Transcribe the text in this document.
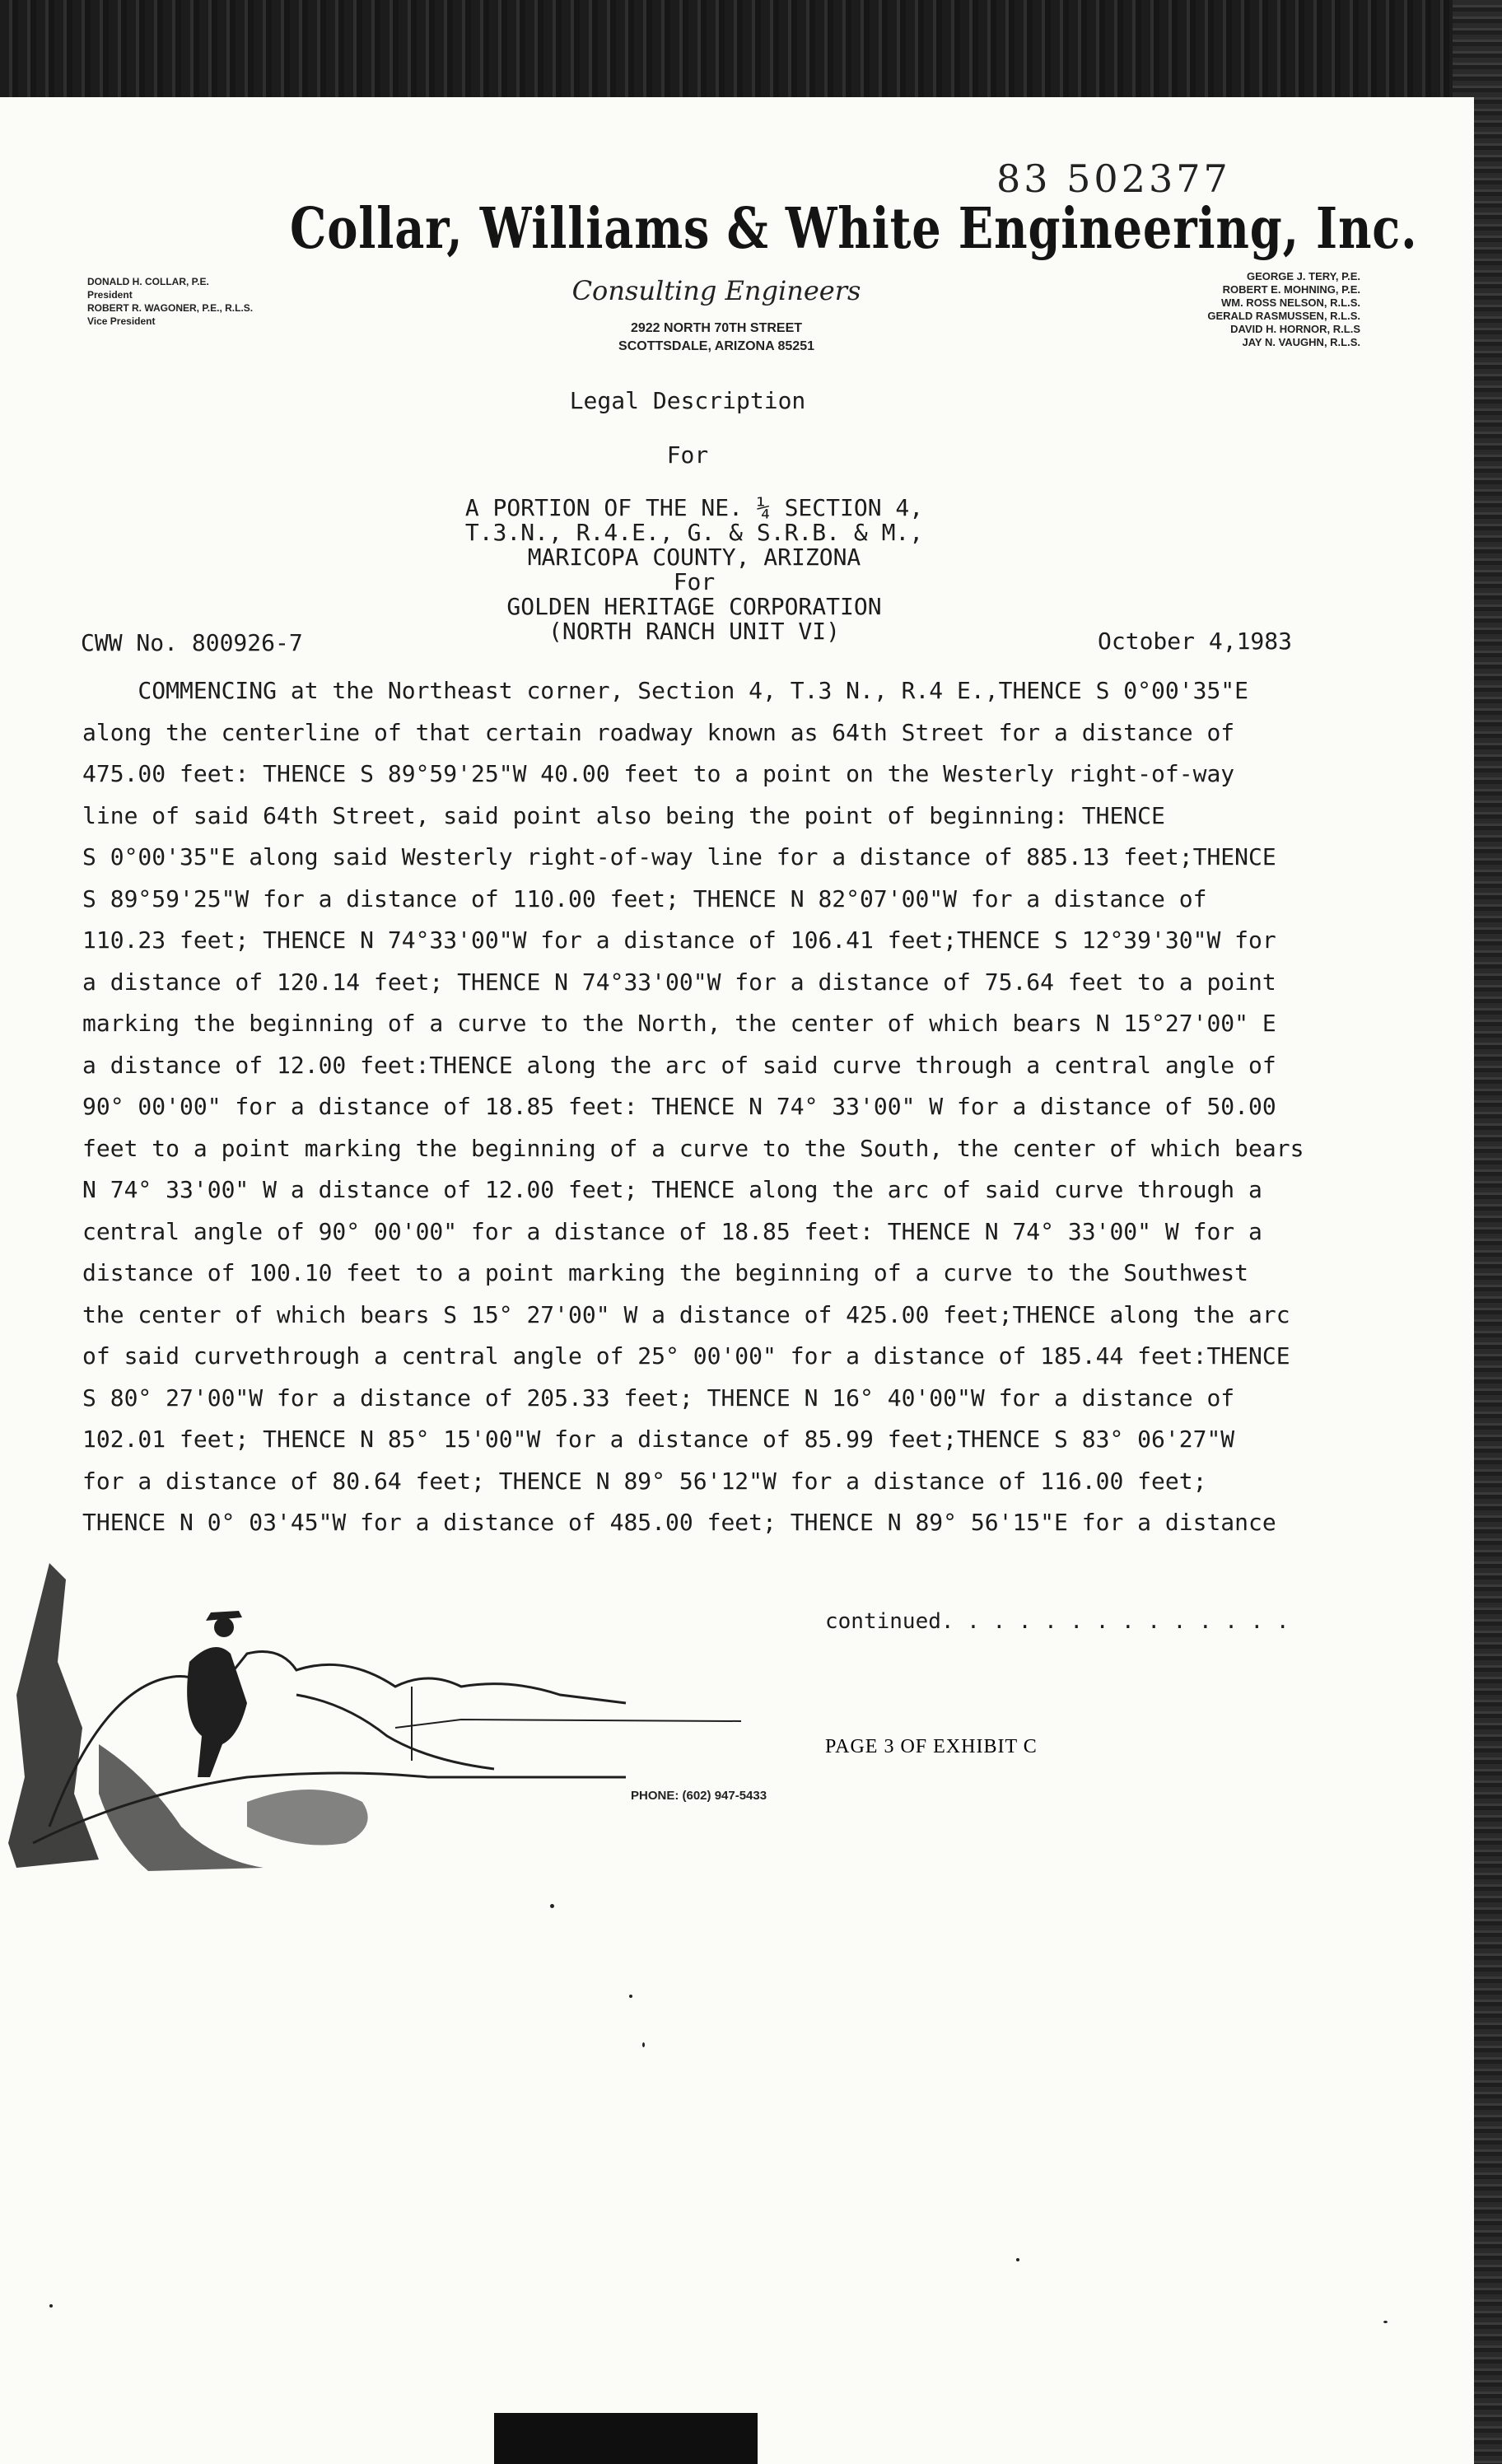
83 502377
Collar, Williams & White Engineering, Inc.
DONALD H. COLLAR, P.E.
President
ROBERT R. WAGONER, P.E., R.L.S.
Vice President
Consulting Engineers
2922 NORTH 70TH STREET
SCOTTSDALE, ARIZONA 85251
GEORGE J. TERY, P.E.
ROBERT E. MOHNING, P.E.
WM. ROSS NELSON, R.L.S.
GERALD RASMUSSEN, R.L.S.
DAVID H. HORNOR, R.L.S
JAY N. VAUGHN, R.L.S.
Legal Description
For
A PORTION OF THE NE. ¼ SECTION 4,
T.3.N., R.4.E., G. & S.R.B. & M.,
MARICOPA COUNTY, ARIZONA
For
GOLDEN HERITAGE CORPORATION
(NORTH RANCH UNIT VI)
CWW No. 800926-7	October 4,1983
COMMENCING at the Northeast corner, Section 4, T.3 N., R.4 E.,THENCE S 0°00'35"E
along the centerline of that certain roadway known as 64th Street for a distance of
475.00 feet: THENCE S 89°59'25"W 40.00 feet to a point on the Westerly right-of-way
line of said 64th Street, said point also being the point of beginning: THENCE
S 0°00'35"E along said Westerly right-of-way line for a distance of 885.13 feet;THENCE
S 89°59'25"W for a distance of 110.00 feet; THENCE N 82°07'00"W for a distance of
110.23 feet; THENCE N 74°33'00"W for a distance of 106.41 feet;THENCE S 12°39'30"W for
a distance of 120.14 feet; THENCE N 74°33'00"W for a distance of 75.64 feet to a point
marking the beginning of a curve to the North, the center of which bears N 15°27'00" E
a distance of 12.00 feet:THENCE along the arc of said curve through a central angle of
90° 00'00" for a distance of 18.85 feet: THENCE N 74° 33'00" W for a distance of 50.00
feet to a point marking the beginning of a curve to the South, the center of which bears
N 74° 33'00" W a distance of 12.00 feet; THENCE along the arc of said curve through a
central angle of 90° 00'00" for a distance of 18.85 feet: THENCE N 74° 33'00" W for a
distance of 100.10 feet to a point marking the beginning of a curve to the Southwest
the center of which bears S 15° 27'00" W a distance of 425.00 feet;THENCE along the arc
of said curvethrough a central angle of 25° 00'00" for a distance of 185.44 feet:THENCE
S 80° 27'00"W for a distance of 205.33 feet; THENCE N 16° 40'00"W for a distance of
102.01 feet; THENCE N 85° 15'00"W for a distance of 85.99 feet;THENCE S 83° 06'27"W
for a distance of 80.64 feet; THENCE N 89° 56'12"W for a distance of 116.00 feet;
THENCE N 0° 03'45"W for a distance of 485.00 feet; THENCE N 89° 56'15"E for a distance
continued. . . . . . . . . . . . . .
PAGE 3 OF EXHIBIT C
PHONE: (602) 947-5433
